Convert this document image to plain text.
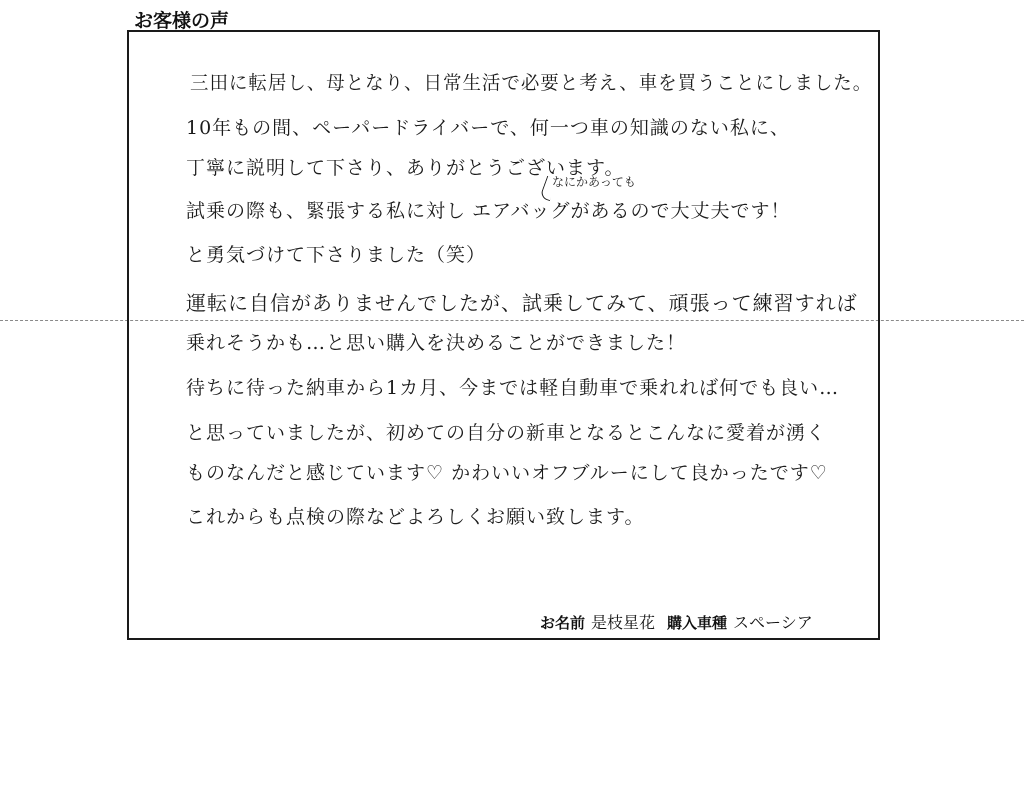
お客様の声
三田に転居し、母となり、日常生活で必要と考え、車を買うことにしました。
10年もの間、ペーパードライバーで、何一つ車の知識のない私に、
丁寧に説明して下さり、ありがとうございます。
試乗の際も、緊張する私に対し エアバッグがあるので大丈夫です！
なにかあっても
と勇気づけて下さりました（笑）
運転に自信がありませんでしたが、試乗してみて、頑張って練習すれば
乗れそうかも…と思い購入を決めることができました！
待ちに待った納車から1カ月、今までは軽自動車で乗れれば何でも良い…
と思っていましたが、初めての自分の新車となるとこんなに愛着が湧く
ものなんだと感じています♡ かわいいオフブルーにして良かったです♡
これからも点検の際などよろしくお願い致します。
お名前 是枝星花 購入車種 スペーシア
